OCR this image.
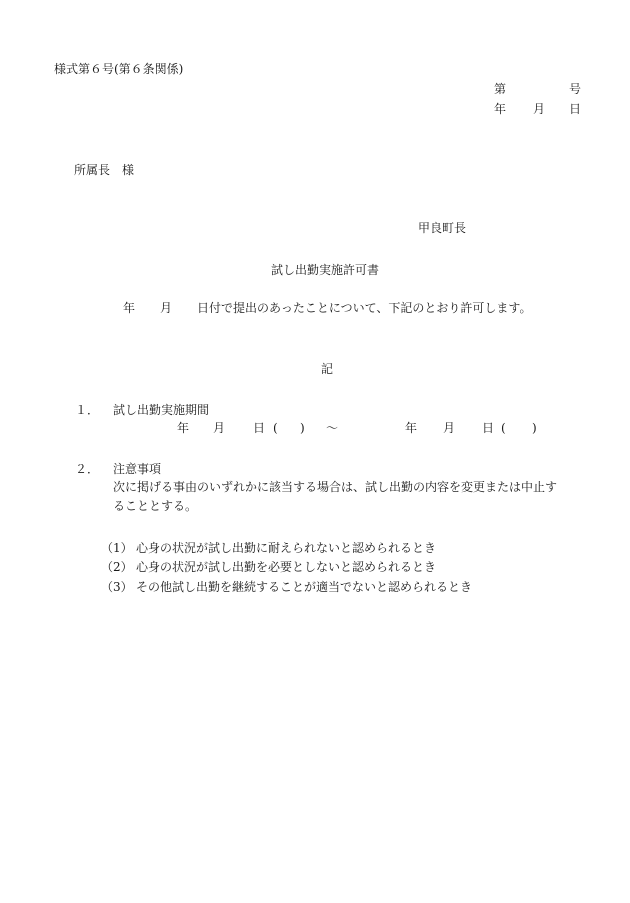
様式第６号(第６条関係)

第	号

年 月 日

所属長　様

甲良町長

試し出勤実施許可書

年 月 日付で提出のあったことについて、下記のとおり許可します。

記

１． 試し出勤実施期間

年 月 日 ( ) ～	年 月 日 ( )

２． 注意事項

次に掲げる事由のいずれかに該当する場合は、試し出勤の内容を変更または中止す

ることとする。

（1） 心身の状況が試し出勤に耐えられないと認められるとき

（2） 心身の状況が試し出勤を必要としないと認められるとき

（3） その他試し出勤を継続することが適当でないと認められるとき
